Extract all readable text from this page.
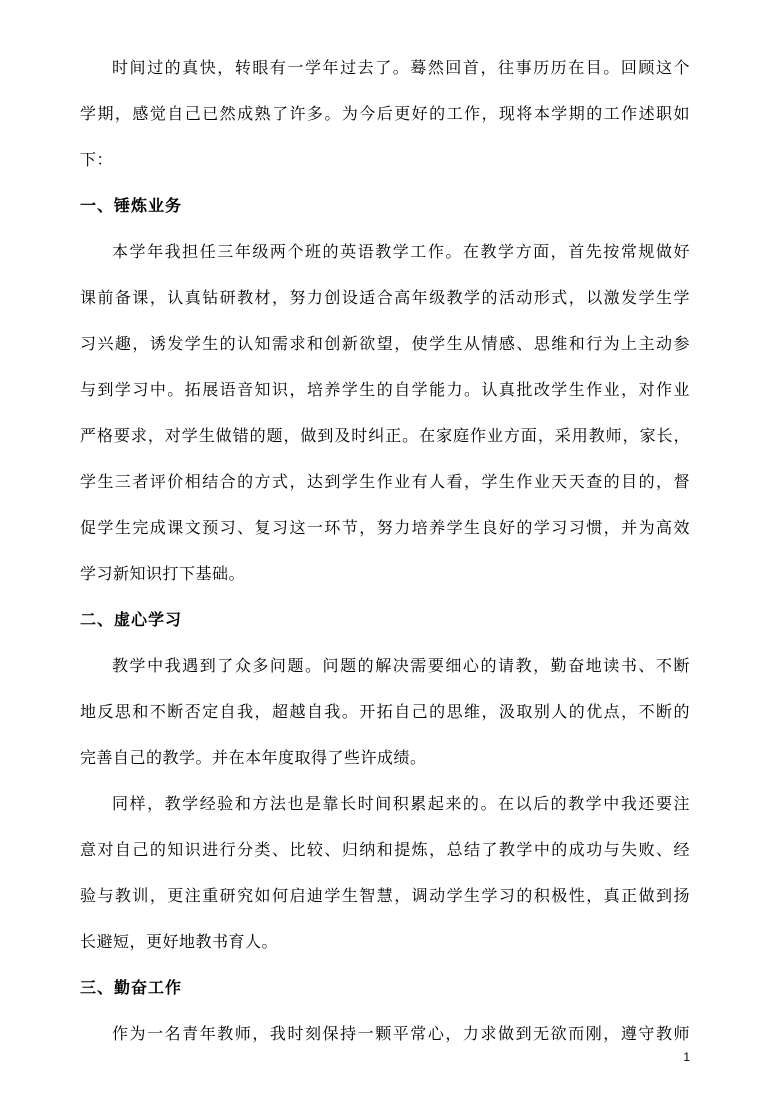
时间过的真快，转眼有一学年过去了。蓦然回首，往事历历在目。回顾这个
学期，感觉自己已然成熟了许多。为今后更好的工作，现将本学期的工作述职如
下：
一、锤炼业务
本学年我担任三年级两个班的英语教学工作。在教学方面，首先按常规做好
课前备课，认真钻研教材，努力创设适合高年级教学的活动形式，以激发学生学
习兴趣，诱发学生的认知需求和创新欲望，使学生从情感、思维和行为上主动参
与到学习中。拓展语音知识，培养学生的自学能力。认真批改学生作业，对作业
严格要求，对学生做错的题，做到及时纠正。在家庭作业方面，采用教师，家长，
学生三者评价相结合的方式，达到学生作业有人看，学生作业天天查的目的，督
促学生完成课文预习、复习这一环节，努力培养学生良好的学习习惯，并为高效
学习新知识打下基础。
二、虚心学习
教学中我遇到了众多问题。问题的解决需要细心的请教，勤奋地读书、不断
地反思和不断否定自我，超越自我。开拓自己的思维，汲取别人的优点，不断的
完善自己的教学。并在本年度取得了些许成绩。
同样，教学经验和方法也是靠长时间积累起来的。在以后的教学中我还要注
意对自己的知识进行分类、比较、归纳和提炼，总结了教学中的成功与失败、经
验与教训，更注重研究如何启迪学生智慧，调动学生学习的积极性，真正做到扬
长避短，更好地教书育人。
三、勤奋工作
作为一名青年教师，我时刻保持一颗平常心，力求做到无欲而刚，遵守教师
1
